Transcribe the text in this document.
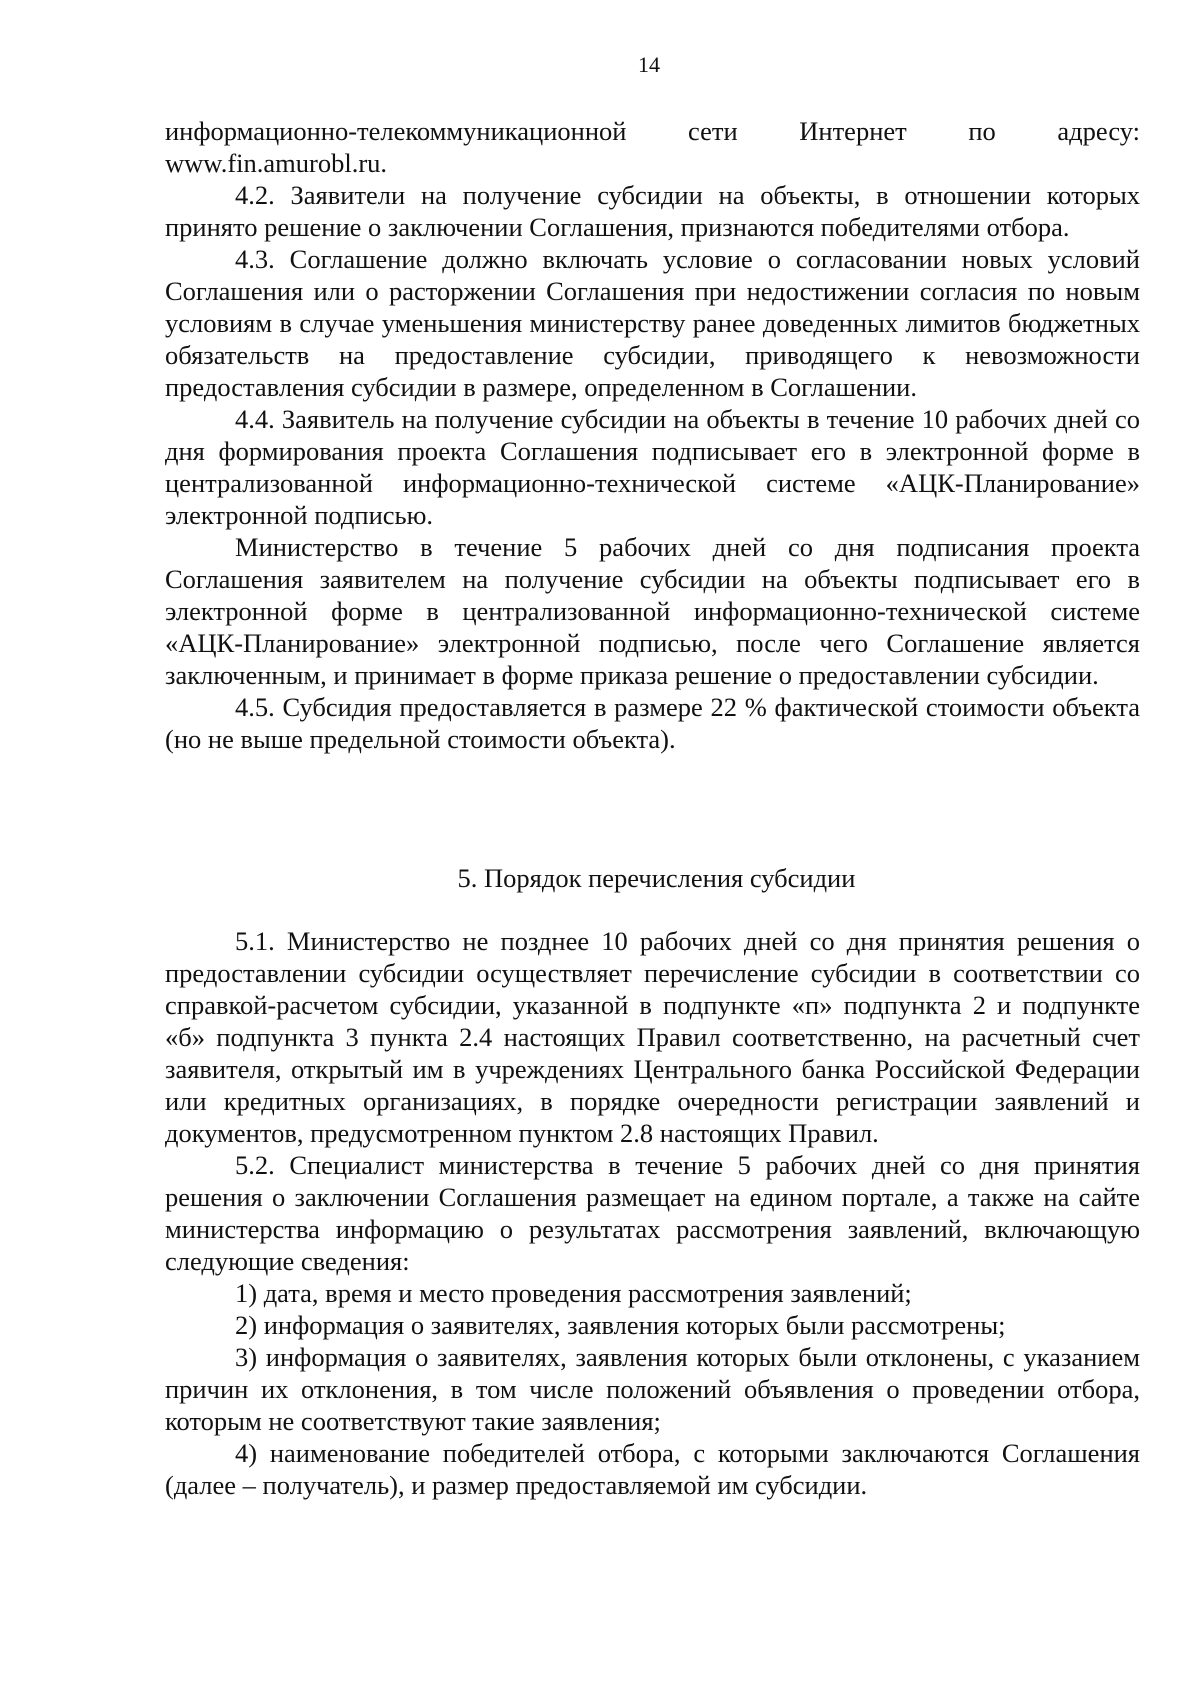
14

информационно-телекоммуникационной сети Интернет по адресу: www.fin.amurobl.ru.

4.2. Заявители на получение субсидии на объекты, в отношении которых принято решение о заключении Соглашения, признаются победителями отбора.

4.3. Соглашение должно включать условие о согласовании новых условий Соглашения или о расторжении Соглашения при недостижении согласия по новым условиям в случае уменьшения министерству ранее доведенных лимитов бюджетных обязательств на предоставление субсидии, приводящего к невозможности предоставления субсидии в размере, определенном в Соглашении.

4.4. Заявитель на получение субсидии на объекты в течение 10 рабочих дней со дня формирования проекта Соглашения подписывает его в электронной форме в централизованной информационно-технической системе «АЦК-Планирование» электронной подписью.

Министерство в течение 5 рабочих дней со дня подписания проекта Соглашения заявителем на получение субсидии на объекты подписывает его в электронной форме в централизованной информационно-технической системе «АЦК-Планирование» электронной подписью, после чего Соглашение является заключенным, и принимает в форме приказа решение о предоставлении субсидии.

4.5. Субсидия предоставляется в размере 22 % фактической стоимости объекта (но не выше предельной стоимости объекта).

5. Порядок перечисления субсидии

5.1. Министерство не позднее 10 рабочих дней со дня принятия решения о предоставлении субсидии осуществляет перечисление субсидии в соответствии со справкой-расчетом субсидии, указанной в подпункте «п» подпункта 2 и подпункте «б» подпункта 3 пункта 2.4 настоящих Правил соответственно, на расчетный счет заявителя, открытый им в учреждениях Центрального банка Российской Федерации или кредитных организациях, в порядке очередности регистрации заявлений и документов, предусмотренном пунктом 2.8 настоящих Правил.

5.2. Специалист министерства в течение 5 рабочих дней со дня принятия решения о заключении Соглашения размещает на едином портале, а также на сайте министерства информацию о результатах рассмотрения заявлений, включающую следующие сведения:

1) дата, время и место проведения рассмотрения заявлений;

2) информация о заявителях, заявления которых были рассмотрены;

3) информация о заявителях, заявления которых были отклонены, с указанием причин их отклонения, в том числе положений объявления о проведении отбора, которым не соответствуют такие заявления;

4) наименование победителей отбора, с которыми заключаются Соглашения (далее – получатель), и размер предоставляемой им субсидии.
